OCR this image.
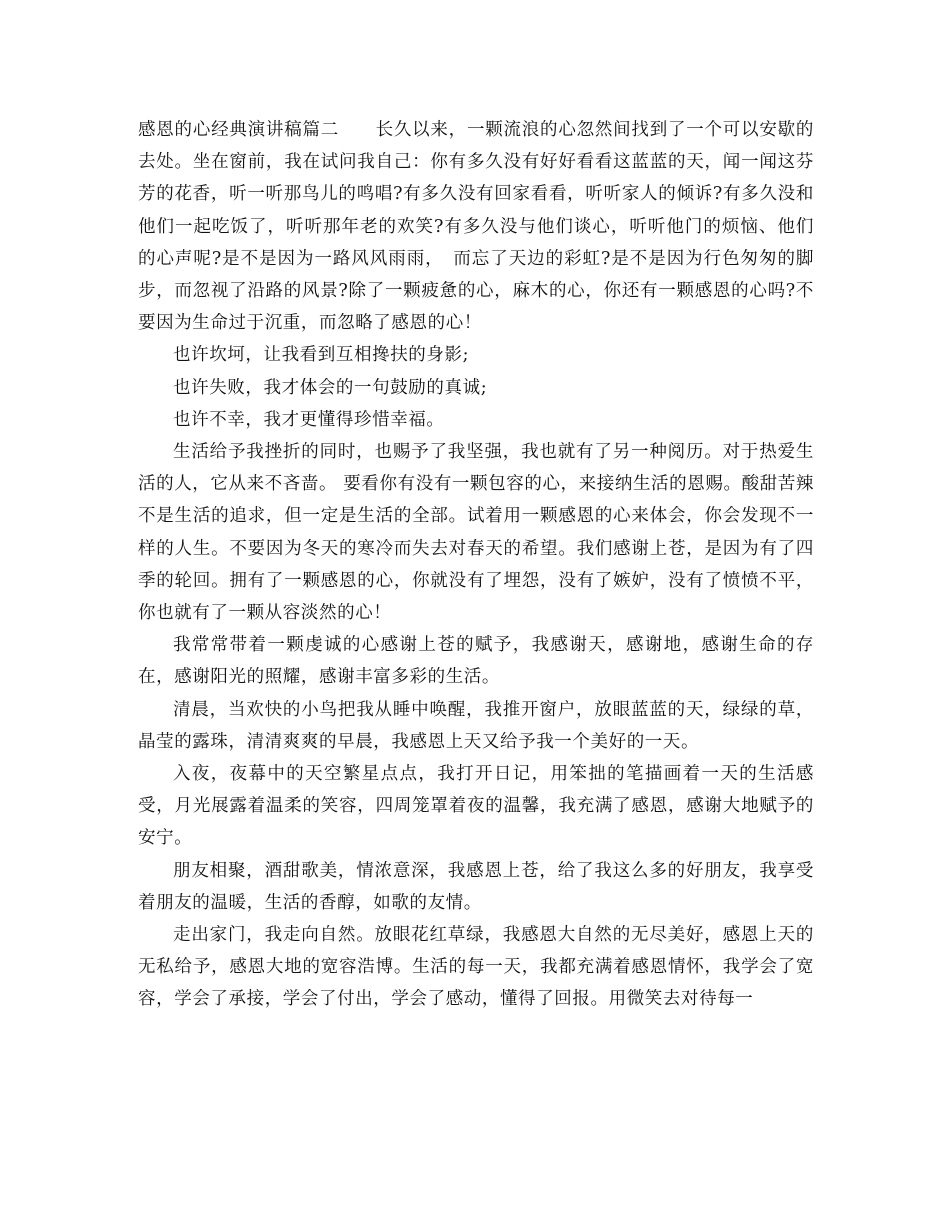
感恩的心经典演讲稿篇二　　长久以来，一颗流浪的心忽然间找到了一个可以安歇的去处。坐在窗前，我在试问我自己：你有多久没有好好看看这蓝蓝的天，闻一闻这芬芳的花香，听一听那鸟儿的鸣唱?有多久没有回家看看，听听家人的倾诉?有多久没和他们一起吃饭了，听听那年老的欢笑?有多久没与他们谈心，听听他门的烦恼、他们的心声呢?是不是因为一路风风雨雨，　而忘了天边的彩虹?是不是因为行色匆匆的脚步，而忽视了沿路的风景?除了一颗疲惫的心，麻木的心，你还有一颗感恩的心吗?不要因为生命过于沉重，而忽略了感恩的心！

也许坎坷，让我看到互相搀扶的身影;

也许失败，我才体会的一句鼓励的真诚;

也许不幸，我才更懂得珍惜幸福。

生活给予我挫折的同时，也赐予了我坚强，我也就有了另一种阅历。对于热爱生活的人，它从来不吝啬。 要看你有没有一颗包容的心，来接纳生活的恩赐。酸甜苦辣不是生活的追求，但一定是生活的全部。试着用一颗感恩的心来体会，你会发现不一样的人生。不要因为冬天的寒冷而失去对春天的希望。我们感谢上苍，是因为有了四季的轮回。拥有了一颗感恩的心，你就没有了埋怨，没有了嫉妒，没有了愤愤不平，你也就有了一颗从容淡然的心！

我常常带着一颗虔诚的心感谢上苍的赋予，我感谢天，感谢地，感谢生命的存在，感谢阳光的照耀，感谢丰富多彩的生活。

清晨，当欢快的小鸟把我从睡中唤醒，我推开窗户，放眼蓝蓝的天，绿绿的草，晶莹的露珠，清清爽爽的早晨，我感恩上天又给予我一个美好的一天。

入夜，夜幕中的天空繁星点点，我打开日记，用笨拙的笔描画着一天的生活感受，月光展露着温柔的笑容，四周笼罩着夜的温馨，我充满了感恩，感谢大地赋予的安宁。

朋友相聚，酒甜歌美，情浓意深，我感恩上苍，给了我这么多的好朋友，我享受着朋友的温暖，生活的香醇，如歌的友情。

走出家门，我走向自然。放眼花红草绿，我感恩大自然的无尽美好，感恩上天的无私给予，感恩大地的宽容浩博。生活的每一天，我都充满着感恩情怀，我学会了宽容，学会了承接，学会了付出，学会了感动，懂得了回报。用微笑去对待每一
